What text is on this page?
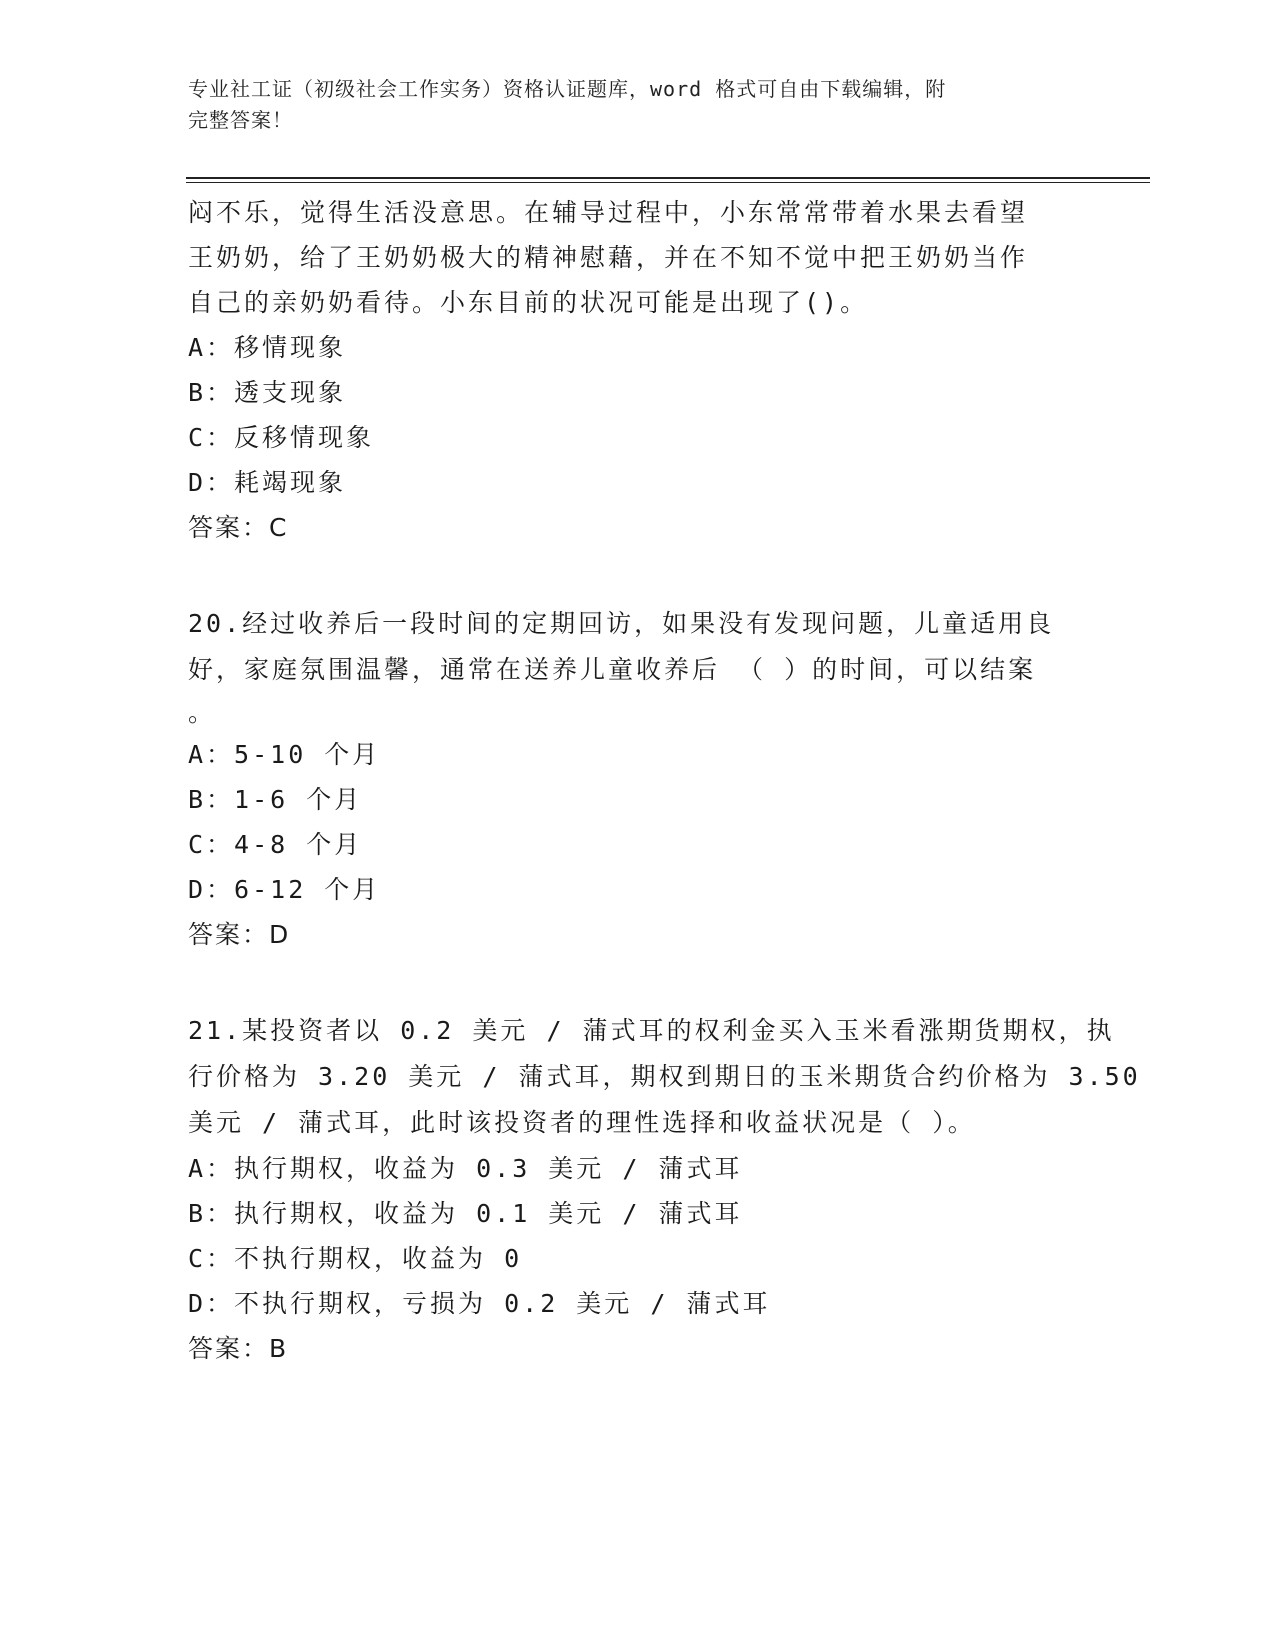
专业社工证（初级社会工作实务）资格认证题库，word 格式可自由下载编辑，附
完整答案！
闷不乐，觉得生活没意思。在辅导过程中，小东常常带着水果去看望
王奶奶，给了王奶奶极大的精神慰藉，并在不知不觉中把王奶奶当作
自己的亲奶奶看待。小东目前的状况可能是出现了()。
A：移情现象
B：透支现象
C：反移情现象
D：耗竭现象
答案：C
20.经过收养后一段时间的定期回访，如果没有发现问题，儿童适用良
好，家庭氛围温馨，通常在送养儿童收养后 （ ）的时间，可以结案
。
A：5-10 个月
B：1-6 个月
C：4-8 个月
D：6-12 个月
答案：D
21.某投资者以 0.2 美元 / 蒲式耳的权利金买入玉米看涨期货期权，执
行价格为 3.20 美元 / 蒲式耳，期权到期日的玉米期货合约价格为 3.50
美元 / 蒲式耳，此时该投资者的理性选择和收益状况是（ ）。
A：执行期权，收益为 0.3 美元 / 蒲式耳
B：执行期权，收益为 0.1 美元 / 蒲式耳
C：不执行期权，收益为 0
D：不执行期权，亏损为 0.2 美元 / 蒲式耳
答案：B
